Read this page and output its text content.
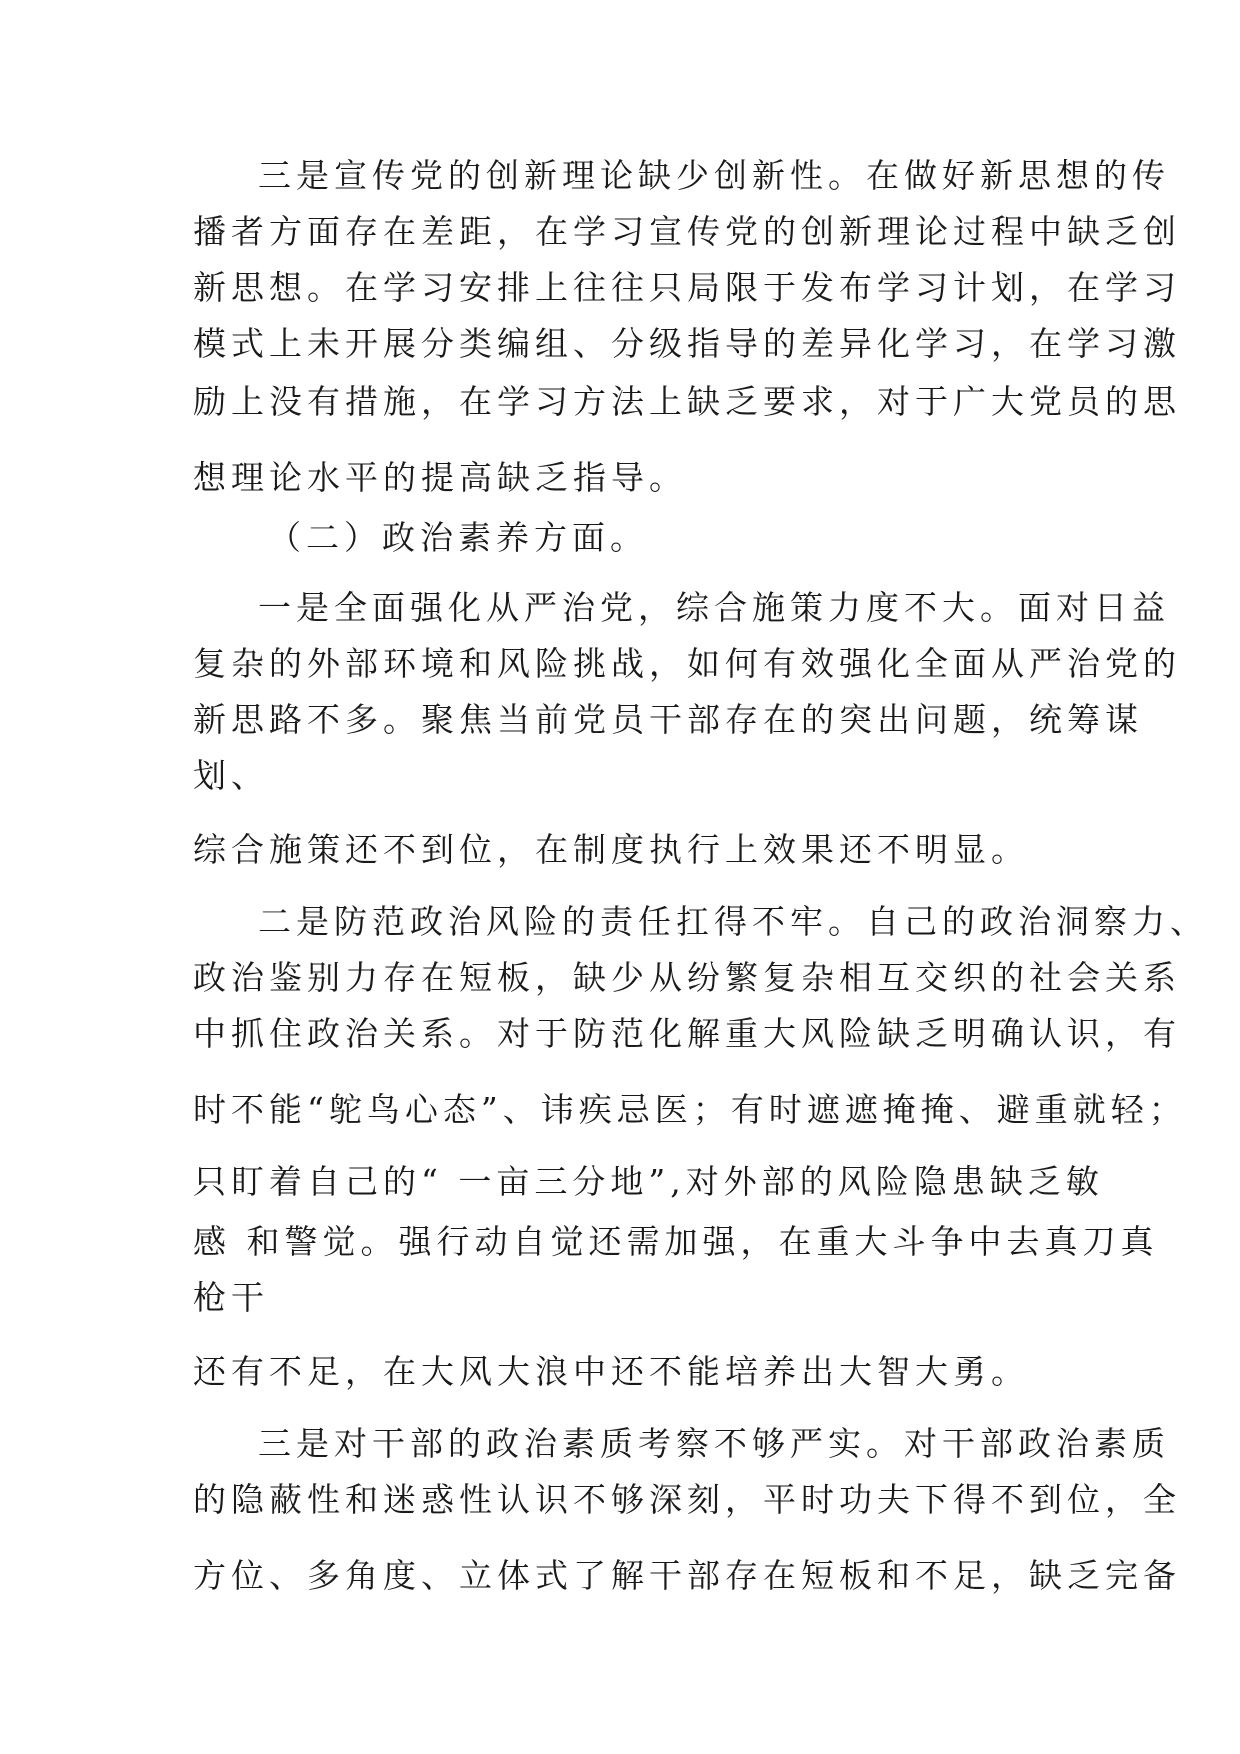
三是宣传党的创新理论缺少创新性。在做好新思想的传

播者方面存在差距，在学习宣传党的创新理论过程中缺乏创

新思想。在学习安排上往往只局限于发布学习计划，在学习

模式上未开展分类编组、分级指导的差异化学习，在学习激

励上没有措施，在学习方法上缺乏要求，对于广大党员的思

想理论水平的提高缺乏指导。

（二）政治素养方面。

一是全面强化从严治党，综合施策力度不大。面对日益

复杂的外部环境和风险挑战，如何有效强化全面从严治党的

新思路不多。聚焦当前党员干部存在的突出问题，统筹谋

划、

综合施策还不到位，在制度执行上效果还不明显。

二是防范政治风险的责任扛得不牢。自己的政治洞察力、

政治鉴别力存在短板，缺少从纷繁复杂相互交织的社会关系

中抓住政治关系。对于防范化解重大风险缺乏明确认识，有

时不能“鸵鸟心态”、讳疾忌医；有时遮遮掩掩、避重就轻；

只盯着自己的“ 一亩三分地”,对外部的风险隐患缺乏敏

感 和警觉。强行动自觉还需加强，在重大斗争中去真刀真

枪干

还有不足，在大风大浪中还不能培养出大智大勇。

三是对干部的政治素质考察不够严实。对干部政治素质

的隐蔽性和迷惑性认识不够深刻，平时功夫下得不到位，全

方位、多角度、立体式了解干部存在短板和不足，缺乏完备
